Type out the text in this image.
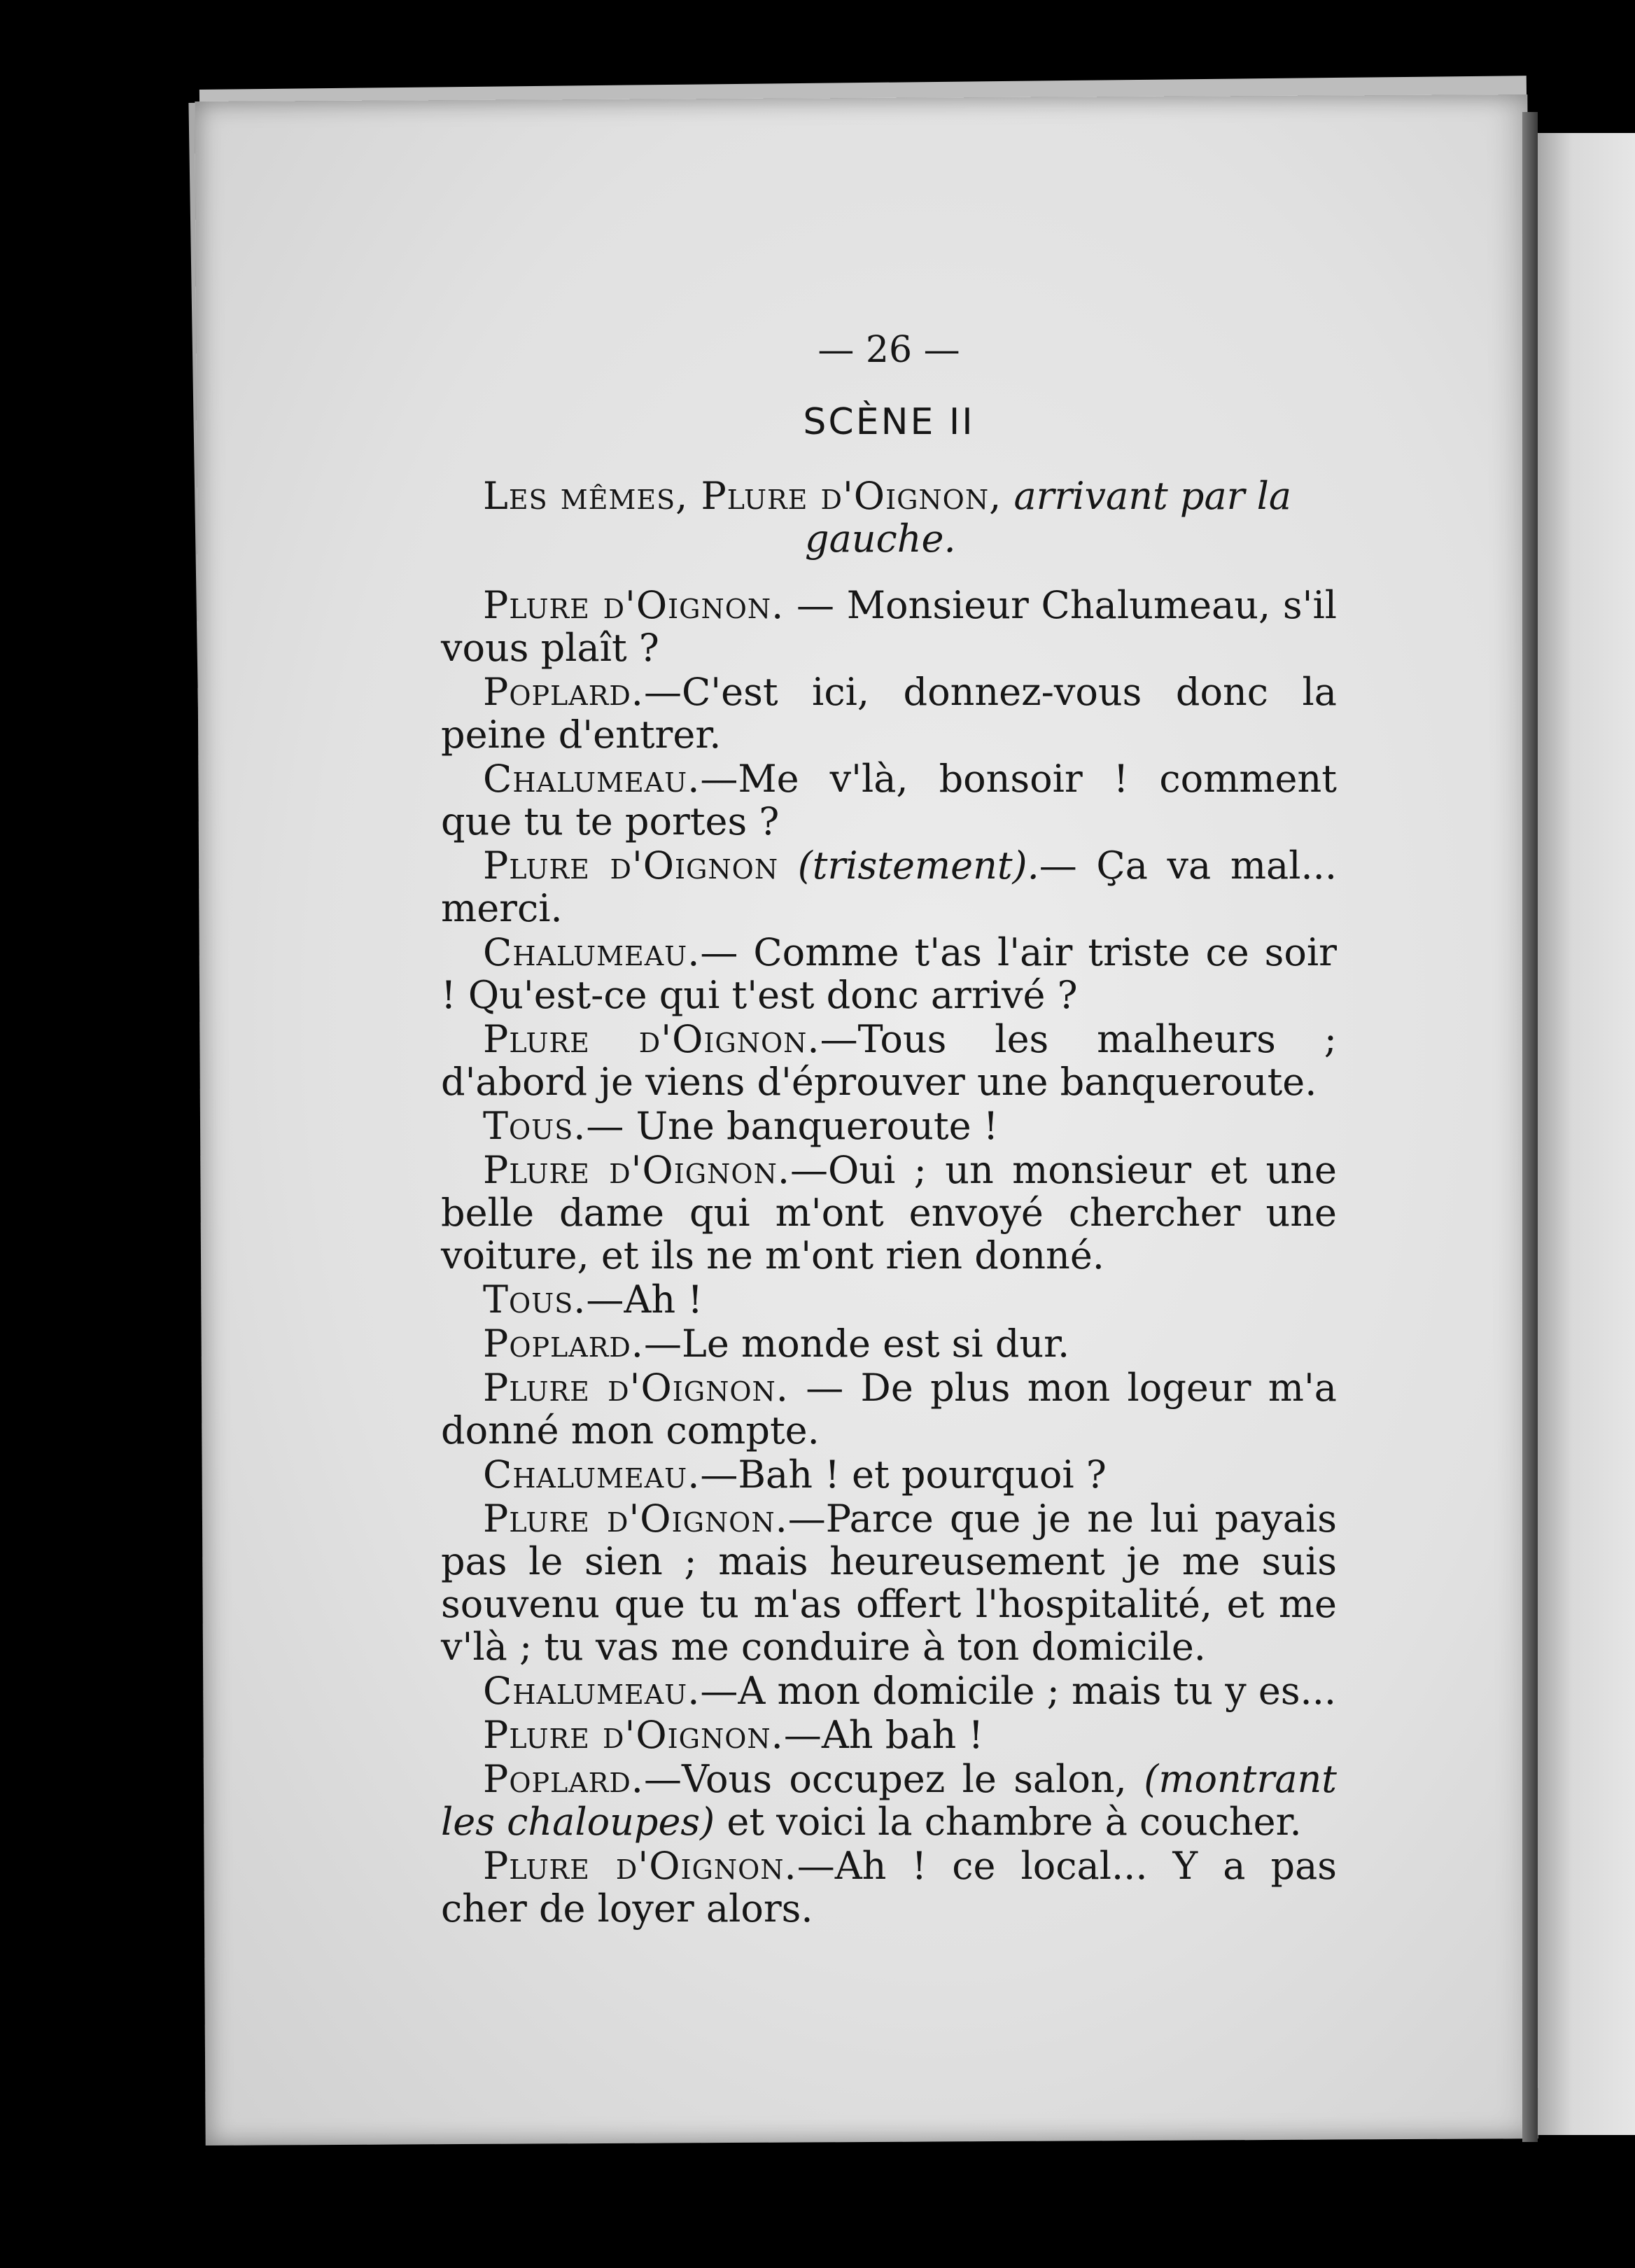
— 26 —
SCÈNE II
Les mêmes, Plure d'Oignon, arrivant par la
gauche.

Plure d'Oignon. — Monsieur Chalumeau, s'il vous plaît ?

Poplard.—C'est ici, donnez-vous donc la peine d'entrer.

Chalumeau.—Me v'là, bonsoir ! comment que tu te portes ?

Plure d'Oignon (tristement).— Ça va mal... merci.

Chalumeau.— Comme t'as l'air triste ce soir ! Qu'est-ce qui t'est donc arrivé ?

Plure d'Oignon.—Tous les malheurs ; d'abord je viens d'éprouver une banqueroute.

Tous.— Une banqueroute !

Plure d'Oignon.—Oui ; un monsieur et une belle dame qui m'ont envoyé chercher une voiture, et ils ne m'ont rien donné.

Tous.—Ah !

Poplard.—Le monde est si dur.

Plure d'Oignon. — De plus mon logeur m'a donné mon compte.

Chalumeau.—Bah ! et pourquoi ?

Plure d'Oignon.—Parce que je ne lui payais pas le sien ; mais heureusement je me suis souvenu que tu m'as offert l'hospitalité, et me v'là ; tu vas me conduire à ton domicile.

Chalumeau.—A mon domicile ; mais tu y es...

Plure d'Oignon.—Ah bah !

Poplard.—Vous occupez le salon, (montrant les chaloupes) et voici la chambre à coucher.

Plure d'Oignon.—Ah ! ce local... Y a pas cher de loyer alors.
